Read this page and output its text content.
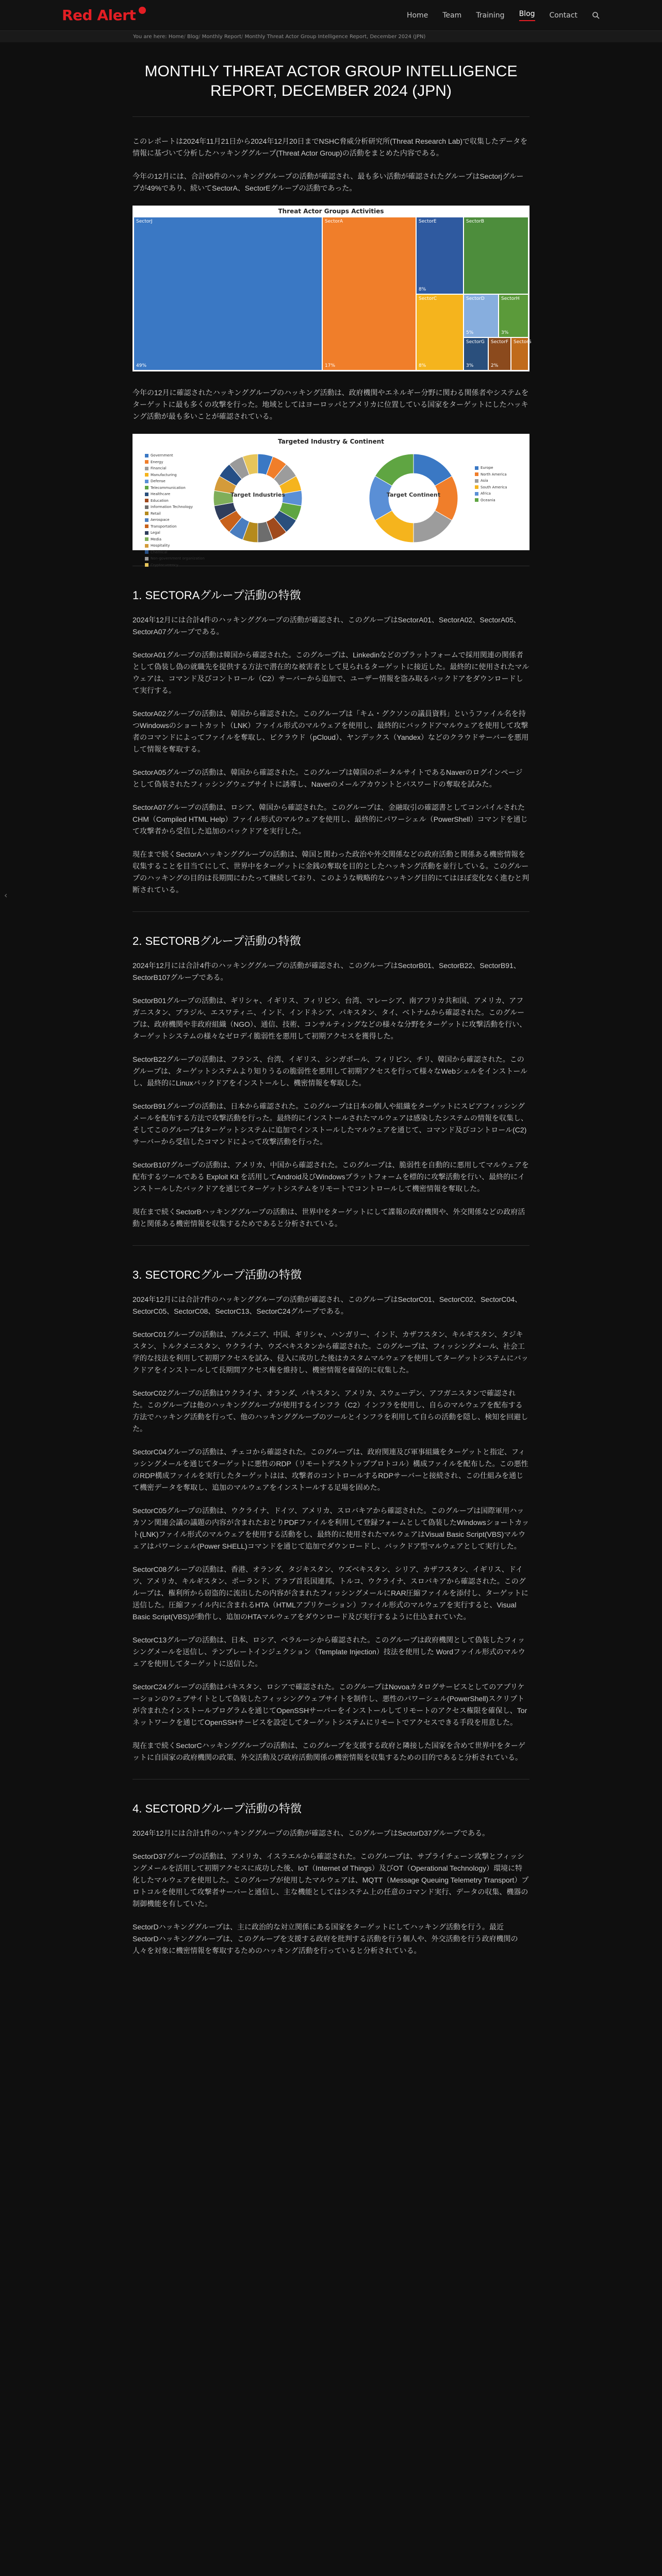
Red Alert	Home Team Training Blog Contact
You are here: Home / Blog / Monthly Report / Monthly Threat Actor Group Intelligence Report, December 2024 (JPN)
‹
MONTHLY THREAT ACTOR GROUP INTELLIGENCE REPORT, DECEMBER 2024 (JPN)

このレポートは2024年11月21日から2024年12月20日までNSHC脅威分析研究所(Threat Research Lab)で収集したデータを情報に基づいて分析したハッキンググループ(Threat Actor Group)の活動をまとめた内容である。

今年の12月には、合計65件のハッキンググループの活動が確認され、最も多い活動が確認されたグループはSectorjグループが49%であり、続いてSectorA、SectorEグループの活動であった。

Threat Actor Groups Activities
SectorJ
49%
SectorA
17%
SectorE
8%
SectorB
SectorC
8%
SectorD
5%
SectorH
3%
SectorG
3%
SectorF
2%
SectorS

今年の12月に確認されたハッキンググループのハッキング活動は、政府機関やエネルギー分野に関わる関係者やシステムをターゲットに最も多くの攻撃を行った。地域としてはヨーロッパとアメリカに位置している国家をターゲットにしたハッキング活動が最も多いことが確認されている。

Targeted Industry & Continent
Government
Energy
Financial
Manufacturing
Defense
Telecommunication
Healthcare
Education
Information Technology
Retail
Aerospace
Transportation
Legal
Media
Hospitality
Chemical
Non-government organization
Cryptocurrency
Target Industries	Target Continent
Europe
North America
Asia
South America
Africa
Oceania
1. SECTORAグループ活動の特徴

2024年12月には合計4件のハッキンググループの活動が確認され、このグループはSectorA01、SectorA02、SectorA05、SectorA07グループである。

SectorA01グループの活動は韓国から確認された。このグループは、Linkedinなどのプラットフォームで採用関連の関係者として偽装し偽の就職先を提供する方法で潜在的な被害者として見られるターゲットに接近した。最終的に使用されたマルウェアは、コマンド及びコントロール（C2）サーバーから追加で、ユーザー情報を盗み取るバックドアをダウンロードして実行する。

SectorA02グループの活動は、韓国から確認された。このグループは「キム・グクソンの議員資料」というファイル名を持つWindowsのショートカット（LNK）ファイル形式のマルウェアを使用し、最終的にバックドアマルウェアを使用して攻撃者のコマンドによってファイルを奪取し、ピクラウド（pCloud）、ヤンデックス（Yandex）などのクラウドサーバーを悪用して情報を奪取する。

SectorA05グループの活動は、韓国から確認された。このグループは韓国のポータルサイトであるNaverのログインページとして偽装されたフィッシングウェブサイトに誘導し、Naverのメールアカウントとパスワードの奪取を試みた。

SectorA07グループの活動は、ロシア、韓国から確認された。このグループは、金融取引の確認書としてコンパイルされたCHM（Compiled HTML Help）ファイル形式のマルウェアを使用し、最終的にパワーシェル（PowerShell）コマンドを通じて攻撃者から受信した追加のバックドアを実行した。

現在まで続くSectorAハッキンググループの活動は、韓国と関わった政治や外交関係などの政府活動と関係ある機密情報を収集することを目当てにして、世界中をターゲットに金銭の奪取を目的としたハッキング活動を並行している。このグループのハッキングの目的は長期間にわたって継続しており、このような戦略的なハッキング目的にてはほぼ変化なく進むと判断されている。

2. SECTORBグループ活動の特徴

2024年12月には合計4件のハッキンググループの活動が確認され、このグループはSectorB01、SectorB22、SectorB91、SectorB107グループである。

SectorB01グループの活動は、ギリシャ、イギリス、フィリピン、台湾、マレーシア、南アフリカ共和国、アメリカ、アフガニスタン、ブラジル、エスワティニ、インド、インドネシア、パキスタン、タイ、ベトナムから確認された。このグループは、政府機関や非政府組織（NGO）、通信、技術、コンサルティングなどの様々な分野をターゲットに攻撃活動を行い、ターゲットシステムの様々なゼロデイ脆弱性を悪用して初期アクセスを獲得した。

SectorB22グループの活動は、フランス、台湾、イギリス、シンガポール、フィリピン、チリ、韓国から確認された。このグループは、ターゲットシステムより知りうるの脆弱性を悪用して初期アクセスを行って様々なWebシェルをインストールし、最終的にLinuxバックドアをインストールし、機密情報を奪取した。

SectorB91グループの活動は、日本から確認された。このグループは日本の個人や組織をターゲットにスピアフィッシングメールを配布する方法で攻撃活動を行った。最終的にインストールされたマルウェアは感染したシステムの情報を収集し、そしてこのグループはターゲットシステムに追加でインストールしたマルウェアを通じて、コマンド及びコントロール(C2)サーバーから受信したコマンドによって攻撃活動を行った。

SectorB107グループの活動は、アメリカ、中国から確認された。このグループは、脆弱性を自動的に悪用してマルウェアを配布するツールである Exploit Kit を活用してAndroid及びWindowsプラットフォームを標的に攻撃活動を行い、最終的にインストールしたバックドアを通じてターゲットシステムをリモートでコントロールして機密情報を奪取した。

現在まで続くSectorBハッキンググループの活動は、世界中をターゲットにして諜報の政府機関や、外交関係などの政府活動と関係ある機密情報を収集するためであると分析されている。

3. SECTORCグループ活動の特徴

2024年12月には合計7件のハッキンググループの活動が確認され、このグループはSectorC01、SectorC02、SectorC04、SectorC05、SectorC08、SectorC13、SectorC24グループである。

SectorC01グループの活動は、アルメニア、中国、ギリシャ、ハンガリー、インド、カザフスタン、キルギスタン、タジキスタン、トルクメニスタン、ウクライナ、ウズベキスタンから確認された。このグループは、フィッシングメール、社会工学的な技法を利用して初期アクセスを試み、侵入に成功した後はカスタムマルウェアを使用してターゲットシステムにバックドアをインストールして長期間アクセス権を維持し、機密情報を確保的に収集した。

SectorC02グループの活動はウクライナ、オランダ、パキスタン、アメリカ、スウェーデン、アフガニスタンで確認された。このグループは他のハッキンググループが使用するインフラ（C2）インフラを使用し、自らのマルウェアを配布する方法でハッキング活動を行って、他のハッキンググループのツールとインフラを利用して自らの活動を隠し、検知を回避した。

SectorC04グループの活動は、チェコから確認された。このグループは、政府関連及び軍事組織をターゲットと指定、フィッシングメールを通じてターゲットに悪性のRDP（リモートデスクトッププロトコル）構成ファイルを配布した。この悪性のRDP構成ファイルを実行したターゲットはは、攻撃者のコントロールするRDPサーバーと接続され、この仕組みを通じて機密データを奪取し、追加のマルウェアをインストールする足場を固めた。

SectorC05グループの活動は、ウクライナ、ドイツ、アメリカ、スロバキアから確認された。このグループは国際軍用ハッカソン関連会議の議題の内容が含まれたおとりPDFファイルを利用して登録フォームとして偽装したWindowsショートカット(LNK)ファイル形式のマルウェアを使用する活動をし、最終的に使用されたマルウェアはVisual Basic Script(VBS)マルウェアはパワーシェル(Power SHELL)コマンドを通じて追加でダウンロードし、バックドア型マルウェアとして実行した。

SectorC08グループの活動は、香港、オランダ、タジキスタン、ウズベキスタン、シリア、カザフスタン、イギリス、ドイツ、アメリカ、キルギスタン、ポーランド、アラブ首長国連邦、トルコ、ウクライナ、スロバキアから確認された。このグループは、権利所から窃盗的に流出したの内容が含まれたフィッシングメールにRAR圧縮ファイルを添付し、ターゲットに送信した。圧縮ファイル内に含まれるHTA（HTMLアプリケーション）ファイル形式のマルウェアを実行すると、Visual Basic Script(VBS)が動作し、追加のHTAマルウェアをダウンロード及び実行するように仕込まれていた。

SectorC13グループの活動は、日本、ロシア、ベラルーシから確認された。このグループは政府機関として偽装したフィッシングメールを送信し、テンプレートインジェクション（Template Injection）技法を使用した Wordファイル形式のマルウェアを使用してターゲットに送信した。

SectorC24グループの活動はパキスタン、ロシアで確認された。このグループはNovoaカタログサービスとしてのアプリケーションのウェブサイトとして偽装したフィッシングウェブサイトを制作し、悪性のパワーシェル(PowerShell)スクリプトが含まれたインストールプログラムを通じてOpenSSHサーバーをインストールしてリモートのアクセス権限を確保し、Torネットワークを通じてOpenSSHサービスを設定してターゲットシステムにリモートでアクセスできる手段を用意した。

現在まで続くSectorCハッキンググループの活動は、このグループを支援する政府と隣接した国家を含めて世界中をターゲットに自国家の政府機関の政策、外交活動及び政府活動関係の機密情報を収集するための目的であると分析されている。

4. SECTORDグループ活動の特徴

2024年12月には合計1件のハッキンググループの活動が確認され、このグループはSectorD37グループである。

SectorD37グループの活動は、アメリカ、イスラエルから確認された。このグループは、サプライチェーン攻撃とフィッシングメールを活用して初期アクセスに成功した後、IoT（Internet of Things）及びOT（Operational Technology）環境に特化したマルウェアを使用した。このグループが使用したマルウェアは、MQTT（Message Queuing Telemetry Transport）プロトコルを使用して攻撃者サーバーと通信し、主な機能としてはシステム上の任意のコマンド実行、データの収集、機器の制御機能を有していた。

SectorDハッキンググループは、主に政治的な対立関係にある国家をターゲットにしてハッキング活動を行う。最近SectorDハッキンググループは、このグループを支援する政府を批判する活動を行う個人や、外交活動を行う政府機関の人々を対象に機密情報を奪取するためのハッキング活動を行っていると分析されている。
